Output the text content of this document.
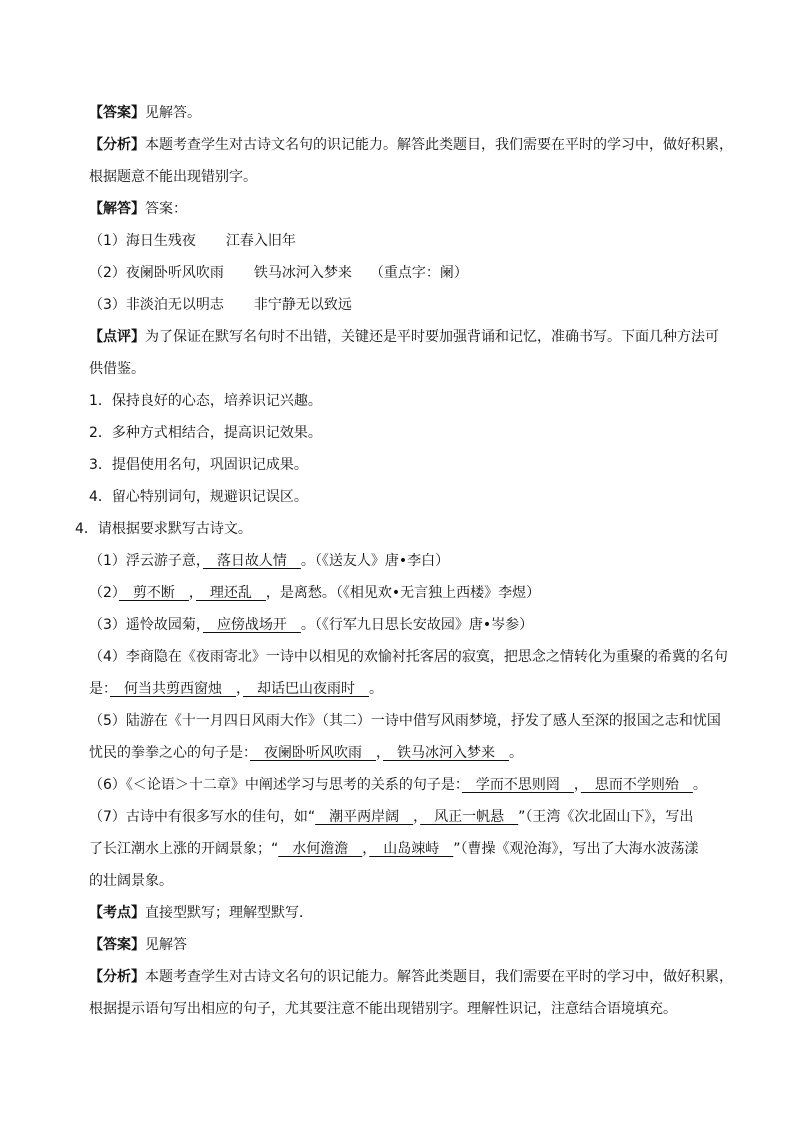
【答案】见解答。
【分析】本题考查学生对古诗文名句的识记能力。解答此类题目，我们需要在平时的学习中，做好积累，
根据题意不能出现错别字。
【解答】答案：
（1）海日生残夜 江春入旧年
（2）夜阑卧听风吹雨 铁马冰河入梦来 （重点字：阑）
（3）非淡泊无以明志 非宁静无以致远
【点评】为了保证在默写名句时不出错，关键还是平时要加强背诵和记忆，准确书写。下面几种方法可
供借鉴。
1．保持良好的心态，培养识记兴趣。
2．多种方式相结合，提高识记效果。
3．提倡使用名句，巩固识记成果。
4．留心特别词句，规避识记误区。
4．请根据要求默写古诗文。
（1）浮云游子意，　落日故人情　。（《送友人》唐•李白）
（2）　剪不断　，　理还乱　，是离愁。（《相见欢•无言独上西楼》李煜）
（3）遥怜故园菊，　应傍战场开　。（《行军九日思长安故园》唐•岑参）
（4）李商隐在《夜雨寄北》一诗中以相见的欢愉衬托客居的寂寞，把思念之情转化为重聚的希冀的名句
是：　何当共剪西窗烛　，　却话巴山夜雨时　。
（5）陆游在《十一月四日风雨大作》（其二）一诗中借写风雨梦境，抒发了感人至深的报国之志和忧国
忧民的拳拳之心的句子是：　夜阑卧听风吹雨　，　铁马冰河入梦来　。
（6）《＜论语＞十二章》中阐述学习与思考的关系的句子是：　学而不思则罔　，　思而不学则殆　。
（7）古诗中有很多写水的佳句，如“　潮平两岸阔　，　风正一帆悬　”（王湾《次北固山下》，写出
了长江潮水上涨的开阔景象；“　水何澹澹　，　山岛竦峙　”（曹操《观沧海》，写出了大海水波荡漾
的壮阔景象。
【考点】直接型默写；理解型默写．
【答案】见解答
【分析】本题考查学生对古诗文名句的识记能力。解答此类题目，我们需要在平时的学习中，做好积累，
根据提示语句写出相应的句子，尤其要注意不能出现错别字。理解性识记，注意结合语境填充。
